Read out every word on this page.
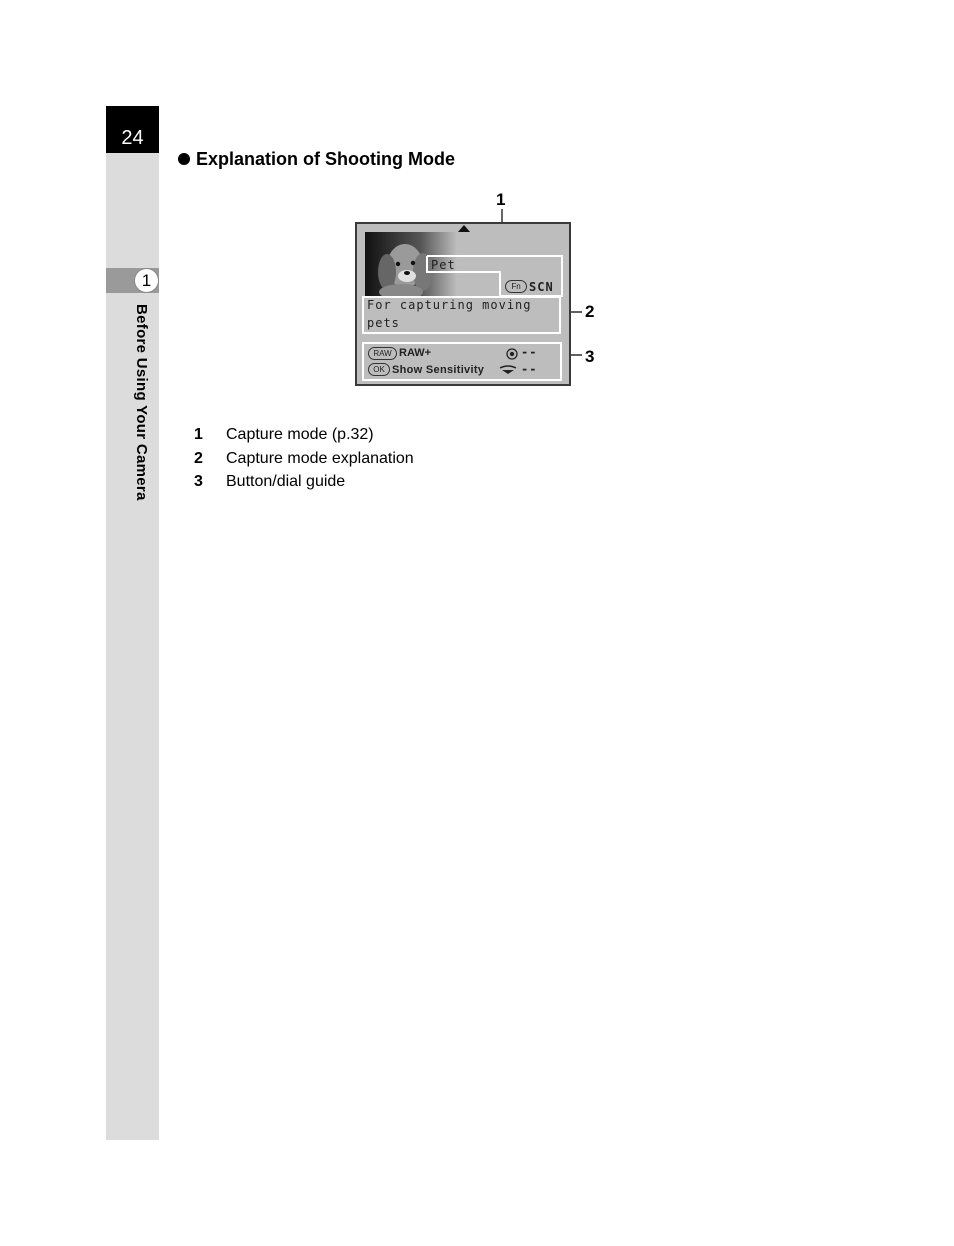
24
1
Before Using Your Camera
Explanation of Shooting Mode
1
2
3
Pet
Fn SCN
For capturing moving
pets
RAW RAW+	--
OK Show Sensitivity	--
1	Capture mode (p.32)
2	Capture mode explanation
3	Button/dial guide
